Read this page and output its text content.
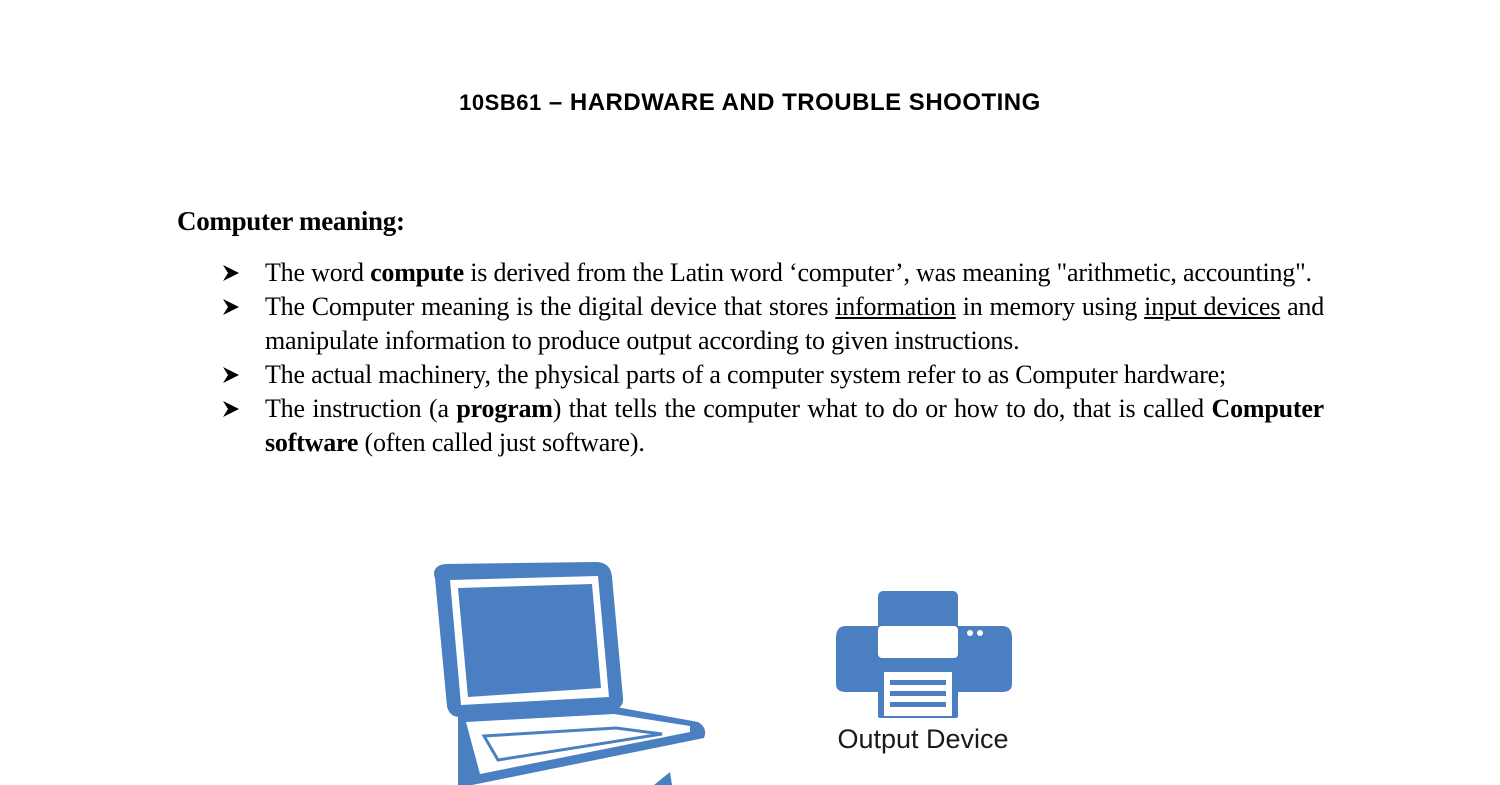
10SB61 – HARDWARE AND TROUBLE SHOOTING
Computer meaning:
The word compute is derived from the Latin word ‘computer’, was meaning "arithmetic, accounting".
The Computer meaning is the digital device that stores information in memory using input devices and manipulate information to produce output according to given instructions.
The actual machinery, the physical parts of a computer system refer to as Computer hardware;
The instruction (a program) that tells the computer what to do or how to do, that is called Computer software (often called just software).
Output Device
